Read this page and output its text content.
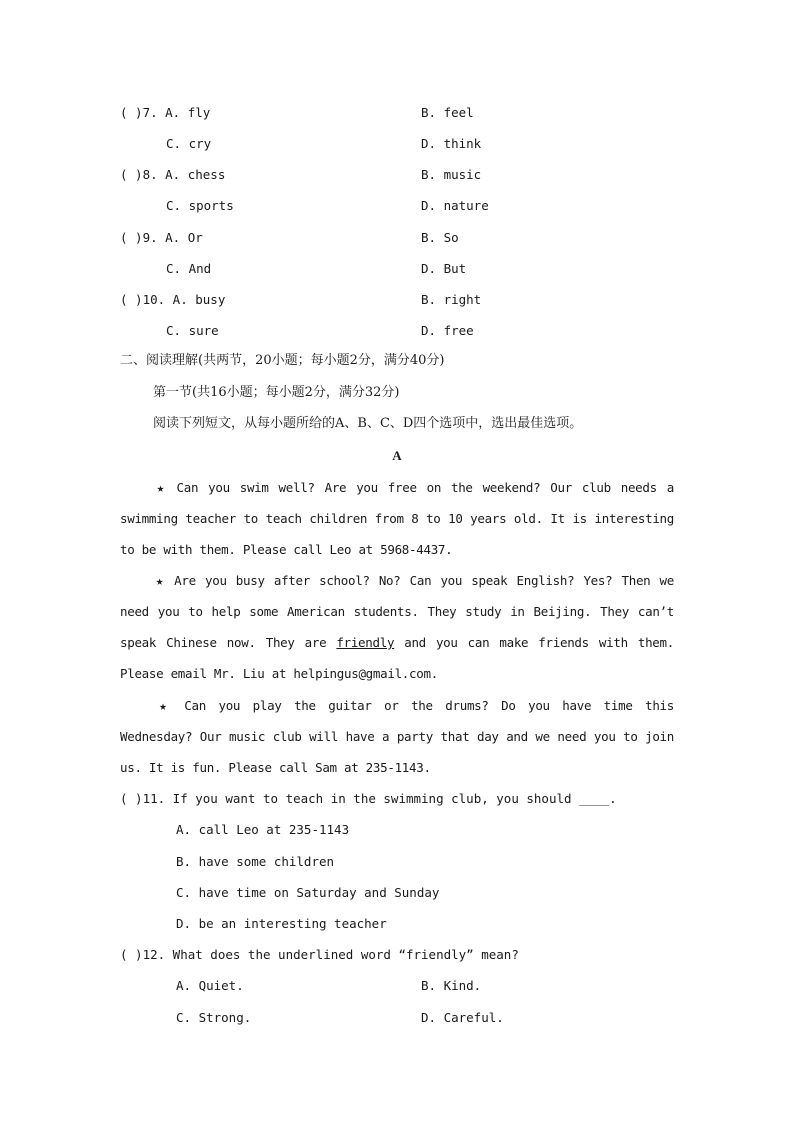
( )7. A. fly	B. feel
C. cry	D. think
( )8. A. chess	B. music
C. sports	D. nature
( )9. A. Or	B. So
C. And	D. But
( )10. A. busy	B. right
C. sure	D. free
二、阅读理解(共两节，20小题；每小题2分，满分40分)
第一节(共16小题；每小题2分，满分32分)
阅读下列短文，从每小题所给的A、B、C、D四个选项中，选出最佳选项。
A
★ Can you swim well? Are you free on the weekend? Our club needs a swimming teacher to teach children from 8 to 10 years old. It is interesting to be with them. Please call Leo at 5968-4437.
★ Are you busy after school? No? Can you speak English? Yes? Then we need you to help some American students. They study in Beijing. They can’t speak Chinese now. They are friendly and you can make friends with them. Please email Mr. Liu at helpingus@gmail.com.
★ Can you play the guitar or the drums? Do you have time this Wednesday? Our music club will have a party that day and we need you to join us. It is fun. Please call Sam at 235-1143.
( )11. If you want to teach in the swimming club, you should ____.
A. call Leo at 235-1143
B. have some children
C. have time on Saturday and Sunday
D. be an interesting teacher
( )12. What does the underlined word “friendly” mean?
A. Quiet.	B. Kind.
C. Strong.	D. Careful.
